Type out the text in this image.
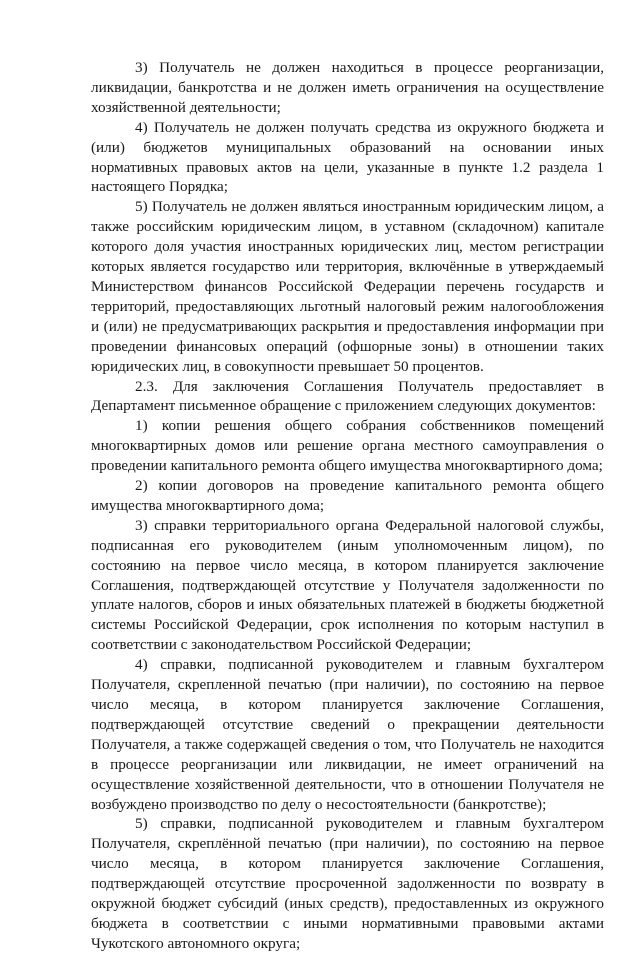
3) Получатель не должен находиться в процессе реорганизации, ликвидации, банкротства и не должен иметь ограничения на осуществление хозяйственной деятельности;

4) Получатель не должен получать средства из окружного бюджета и (или) бюджетов муниципальных образований на основании иных нормативных правовых актов на цели, указанные в пункте 1.2 раздела 1 настоящего Порядка;

5) Получатель не должен являться иностранным юридическим лицом, а также российским юридическим лицом, в уставном (складочном) капитале которого доля участия иностранных юридических лиц, местом регистрации которых является государство или территория, включённые в утверждаемый Министерством финансов Российской Федерации перечень государств и территорий, предоставляющих льготный налоговый режим налогообложения и (или) не предусматривающих раскрытия и предоставления информации при проведении финансовых операций (офшорные зоны) в отношении таких юридических лиц, в совокупности превышает 50 процентов.

2.3. Для заключения Соглашения Получатель предоставляет в Департамент письменное обращение с приложением следующих документов:

1) копии решения общего собрания собственников помещений многоквартирных домов или решение органа местного самоуправления о проведении капитального ремонта общего имущества многоквартирного дома;

2) копии договоров на проведение капитального ремонта общего имущества многоквартирного дома;

3) справки территориального органа Федеральной налоговой службы, подписанная его руководителем (иным уполномоченным лицом), по состоянию на первое число месяца, в котором планируется заключение Соглашения, подтверждающей отсутствие у Получателя задолженности по уплате налогов, сборов и иных обязательных платежей в бюджеты бюджетной системы Российской Федерации, срок исполнения по которым наступил в соответствии с законодательством Российской Федерации;

4) справки, подписанной руководителем и главным бухгалтером Получателя, скрепленной печатью (при наличии), по состоянию на первое число месяца, в котором планируется заключение Соглашения, подтверждающей отсутствие сведений о прекращении деятельности Получателя, а также содержащей сведения о том, что Получатель не находится в процессе реорганизации или ликвидации, не имеет ограничений на осуществление хозяйственной деятельности, что в отношении Получателя не возбуждено производство по делу о несостоятельности (банкротстве);

5) справки, подписанной руководителем и главным бухгалтером Получателя, скреплённой печатью (при наличии), по состоянию на первое число месяца, в котором планируется заключение Соглашения, подтверждающей отсутствие просроченной задолженности по возврату в окружной бюджет субсидий (иных средств), предоставленных из окружного бюджета в соответствии с иными нормативными правовыми актами Чукотского автономного округа;
